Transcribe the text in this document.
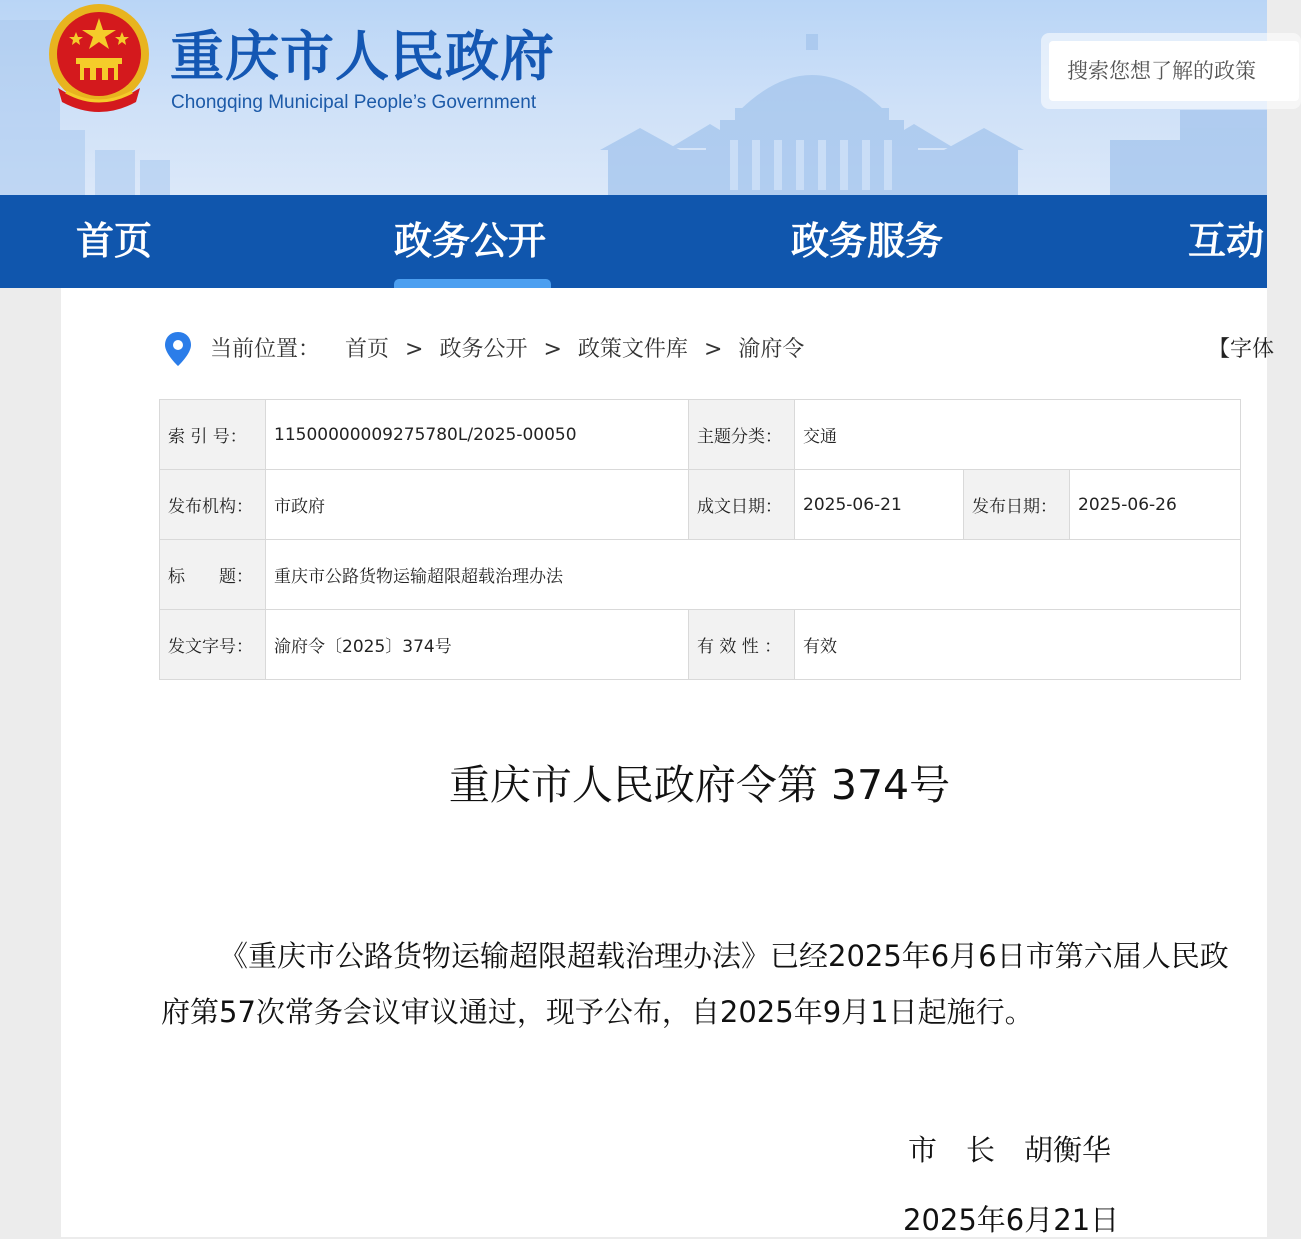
重庆市人民政府
Chongqing Municipal People’s Government
搜索您想了解的政策
首页	政务公开	政务服务	互动
当前位置： 首页 > 政务公开 > 政策文件库 > 渝府令	【字体
索 引 号：	11500000009275780L/2025-00050	主题分类：	交通		
发布机构：	市政府	成文日期：	2025-06-21	发布日期：	2025-06-26
标　　题：	重庆市公路货物运输超限超载治理办法				
发文字号：	渝府令〔2025〕374号	有 效 性 ：	有效		
重庆市人民政府令第 374号
《重庆市公路货物运输超限超载治理办法》已经2025年6月6日市第六届人民政府第57次常务会议审议通过，现予公布，自2025年9月1日起施行。
市　长　胡衡华
2025年6月21日
